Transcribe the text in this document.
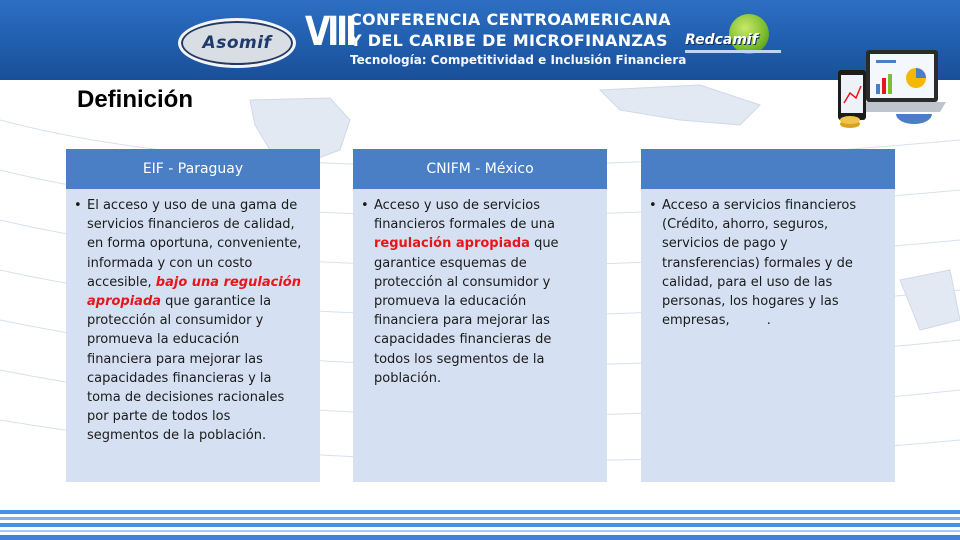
Asomif VIII
CONFERENCIA CENTROAMERICANA
Y DEL CARIBE DE MICROFINANZAS
Tecnología: Competitividad e Inclusión Financiera
Redcamif
Definición
EIF - Paraguay
• El acceso y uso de una gama de servicios financieros de calidad, en forma oportuna, conveniente, informada y con un costo accesible, bajo una regulación apropiada que garantice la protección al consumidor y promueva la educación financiera para mejorar las capacidades financieras y la toma de decisiones racionales por parte de todos los segmentos de la población.
CNIFM - México
• Acceso y uso de servicios financieros formales de una regulación apropiada que garantice esquemas de protección al consumidor y promueva la educación financiera para mejorar las capacidades financieras de todos los segmentos de la población.
• Acceso a servicios financieros (Crédito, ahorro, seguros, servicios de pago y transferencias) formales y de calidad, para el uso de las personas, los hogares y las empresas,         .
